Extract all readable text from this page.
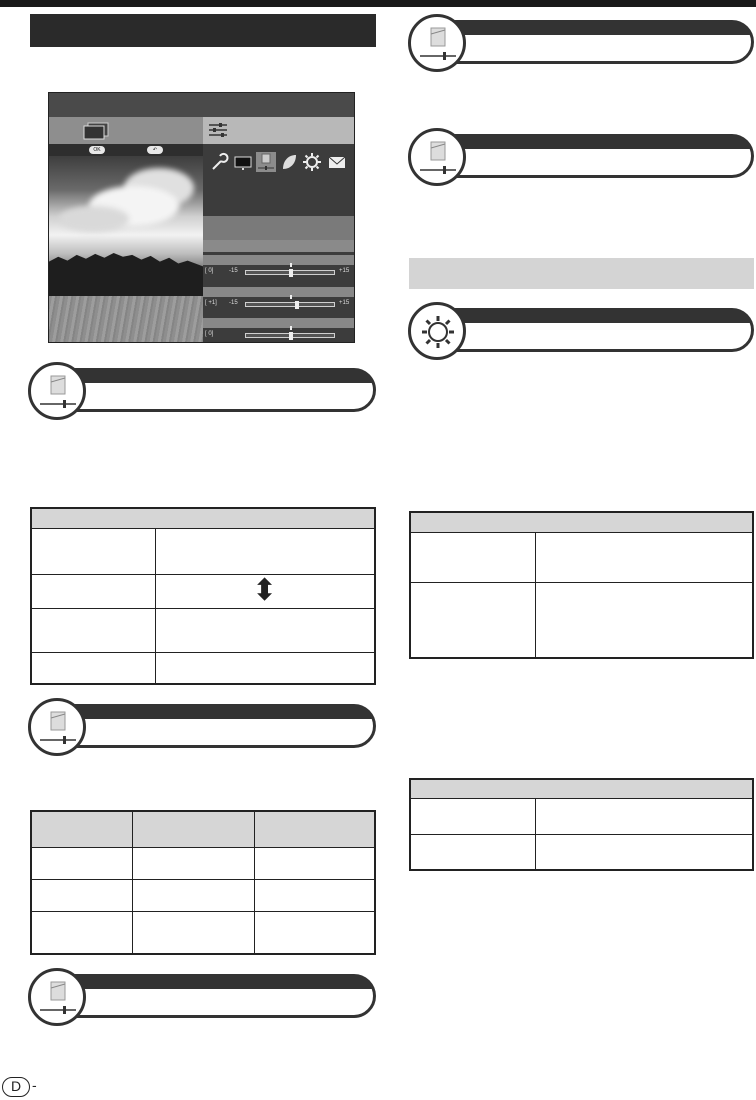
OK	↶
[ 0]	-15	+15
[ +1] -15	+15
[ 0]
⬍
D -
